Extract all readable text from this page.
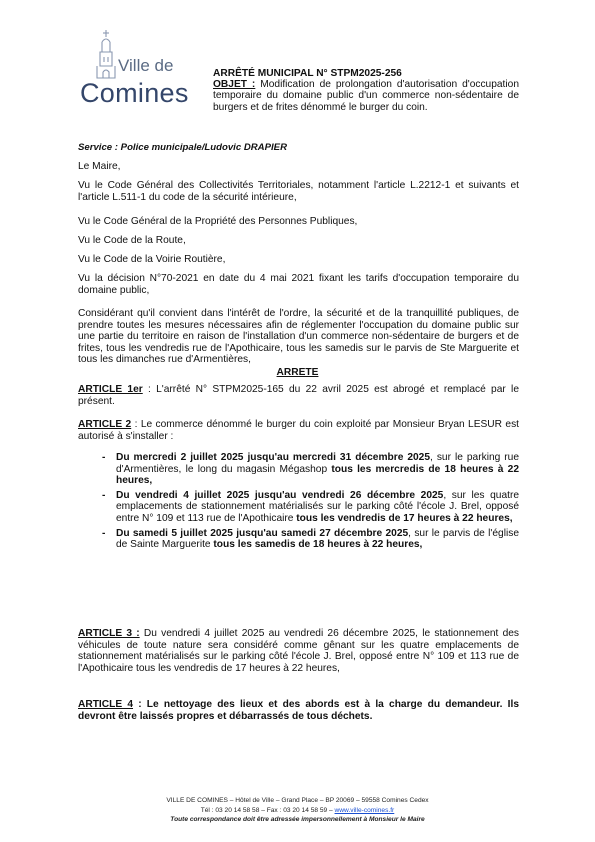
Ville de
Comines
ARRÊTÉ MUNICIPAL N° STPM2025-256
OBJET : Modification de prolongation d'autorisation d'occupation temporaire du domaine public d'un commerce non-sédentaire de burgers et de frites dénommé le burger du coin.
Service : Police municipale/Ludovic DRAPIER
Le Maire,
Vu le Code Général des Collectivités Territoriales, notamment l'article L.2212-1 et suivants et l'article L.511-1 du code de la sécurité intérieure,
Vu le Code Général de la Propriété des Personnes Publiques,
Vu le Code de la Route,
Vu le Code de la Voirie Routière,
Vu la décision N°70-2021 en date du 4 mai 2021 fixant les tarifs d'occupation temporaire du domaine public,
Considérant qu'il convient dans l'intérêt de l'ordre, la sécurité et de la tranquillité publiques, de prendre toutes les mesures nécessaires afin de réglementer l'occupation du domaine public sur une partie du territoire en raison de l'installation d'un commerce non-sédentaire de burgers et de frites, tous les vendredis rue de l'Apothicaire, tous les samedis sur le parvis de Ste Marguerite et tous les dimanches rue d'Armentières,
ARRETE
ARTICLE 1er : L'arrêté N° STPM2025-165 du 22 avril 2025 est abrogé et remplacé par le présent.
ARTICLE 2 : Le commerce dénommé le burger du coin exploité par Monsieur Bryan LESUR est autorisé à s'installer :
- Du mercredi 2 juillet 2025 jusqu'au mercredi 31 décembre 2025, sur le parking rue d'Armentières, le long du magasin Mégashop tous les mercredis de 18 heures à 22 heures,
- Du vendredi 4 juillet 2025 jusqu'au vendredi 26 décembre 2025, sur les quatre emplacements de stationnement matérialisés sur le parking côté l'école J. Brel, opposé entre N° 109 et 113 rue de l'Apothicaire tous les vendredis de 17 heures à 22 heures,
- Du samedi 5 juillet 2025 jusqu'au samedi 27 décembre 2025, sur le parvis de l'église de Sainte Marguerite tous les samedis de 18 heures à 22 heures,
ARTICLE 3 : Du vendredi 4 juillet 2025 au vendredi 26 décembre 2025, le stationnement des véhicules de toute nature sera considéré comme gênant sur les quatre emplacements de stationnement matérialisés sur le parking côté l'école J. Brel, opposé entre N° 109 et 113 rue de l'Apothicaire tous les vendredis de 17 heures à 22 heures,
ARTICLE 4 : Le nettoyage des lieux et des abords est à la charge du demandeur. Ils devront être laissés propres et débarrassés de tous déchets.
VILLE DE COMINES – Hôtel de Ville – Grand Place – BP 20069 – 59558 Comines Cedex
Tél : 03 20 14 58 58 – Fax : 03 20 14 58 59 – www.ville-comines.fr
Toute correspondance doit être adressée impersonnellement à Monsieur le Maire
